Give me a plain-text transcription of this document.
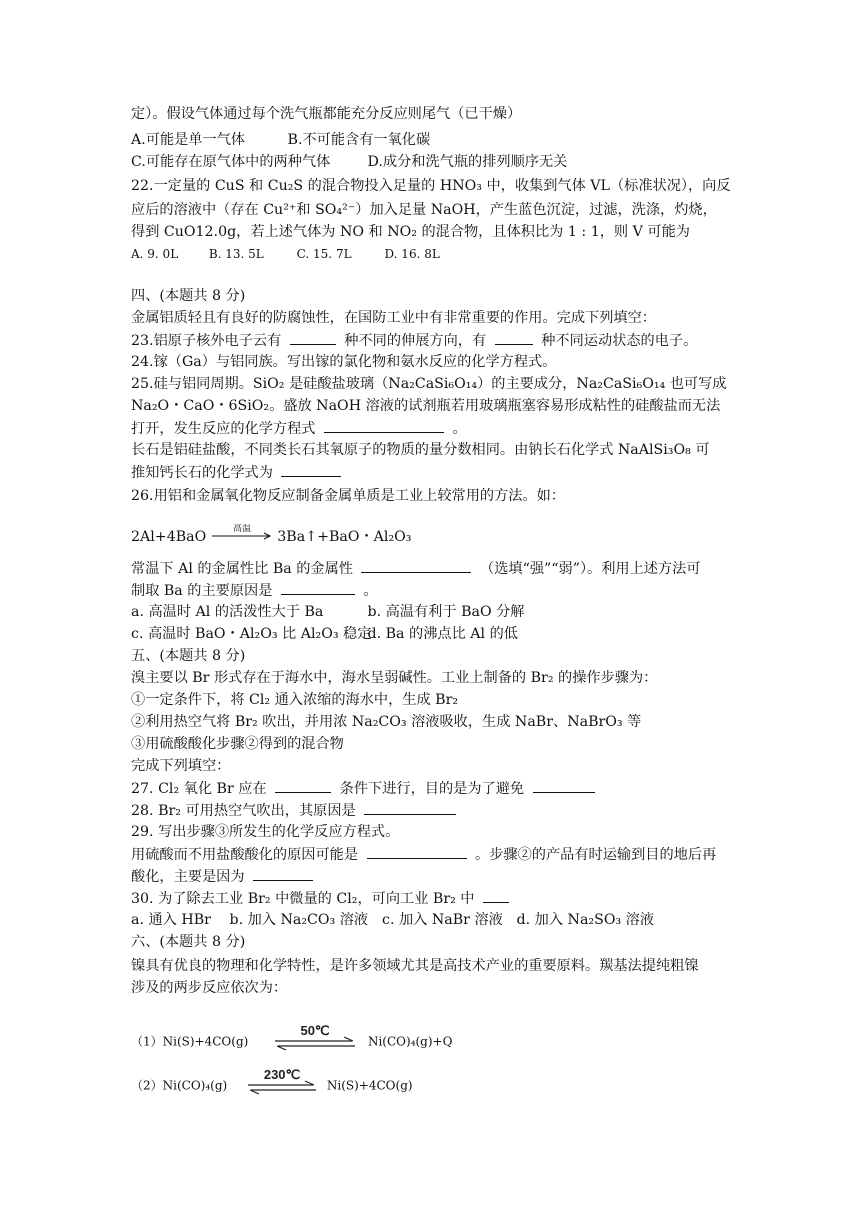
定）。假设气体通过每个洗气瓶都能充分反应则尾气（已干燥）
A.可能是单一气体	B.不可能含有一氧化碳
C.可能存在原气体中的两种气体	D.成分和洗气瓶的排列顺序无关
22.一定量的 CuS 和 Cu₂S 的混合物投入足量的 HNO₃ 中，收集到气体 VL（标准状况），向反
应后的溶液中（存在 Cu²⁺和 SO₄²⁻）加入足量 NaOH，产生蓝色沉淀，过滤，洗涤，灼烧，
得到 CuO12.0g，若上述气体为 NO 和 NO₂ 的混合物，且体积比为 1 : 1，则 V 可能为
A. 9. 0L	B. 13. 5L	C. 15. 7L	D. 16. 8L
四、(本题共 8 分)
金属铝质轻且有良好的防腐蚀性，在国防工业中有非常重要的作用。完成下列填空：
23.铝原子核外电子云有	种不同的伸展方向，有	种不同运动状态的电子。
24.镓（Ga）与铝同族。写出镓的氯化物和氨水反应的化学方程式。
25.硅与铝同周期。SiO₂ 是硅酸盐玻璃（Na₂CaSi₆O₁₄）的主要成分，Na₂CaSi₆O₁₄ 也可写成
Na₂O・CaO・6SiO₂。盛放 NaOH 溶液的试剂瓶若用玻璃瓶塞容易形成粘性的硅酸盐而无法
打开，发生反应的化学方程式	。
长石是铝硅盐酸，不同类长石其氧原子的物质的量分数相同。由钠长石化学式 NaAlSi₃O₈ 可
推知钙长石的化学式为
26.用铝和金属氧化物反应制备金属单质是工业上较常用的方法。如：
2Al+4BaO	高温 3Ba↑+BaO・Al₂O₃
常温下 Al 的金属性比 Ba 的金属性	（选填“强”“弱”）。利用上述方法可
制取 Ba 的主要原因是	。
a. 高温时 Al 的活泼性大于 Ba	b. 高温有利于 BaO 分解
c. 高温时 BaO・Al₂O₃ 比 Al₂O₃ 稳定 d. Ba 的沸点比 Al 的低
五、(本题共 8 分)
溴主要以 Br 形式存在于海水中，海水呈弱碱性。工业上制备的 Br₂ 的操作步骤为：
①一定条件下，将 Cl₂ 通入浓缩的海水中，生成 Br₂
②利用热空气将 Br₂ 吹出，并用浓 Na₂CO₃ 溶液吸收，生成 NaBr、NaBrO₃ 等
③用硫酸酸化步骤②得到的混合物
完成下列填空：
27. Cl₂ 氧化 Br 应在	条件下进行，目的是为了避免
28. Br₂ 可用热空气吹出，其原因是
29. 写出步骤③所发生的化学反应方程式。
用硫酸而不用盐酸酸化的原因可能是	。步骤②的产品有时运输到目的地后再
酸化，主要是因为
30. 为了除去工业 Br₂ 中微量的 Cl₂，可向工业 Br₂ 中
a. 通入 HBr b. 加入 Na₂CO₃ 溶液 c. 加入 NaBr 溶液 d. 加入 Na₂SO₃ 溶液
六、(本题共 8 分)
镍具有优良的物理和化学特性，是许多领域尤其是高技术产业的重要原料。羰基法提纯粗镍
涉及的两步反应依次为：
（1）Ni(S)+4CO(g)
50℃
Ni(CO)₄(g)+Q
（2）Ni(CO)₄(g)
230℃
Ni(S)+4CO(g)
